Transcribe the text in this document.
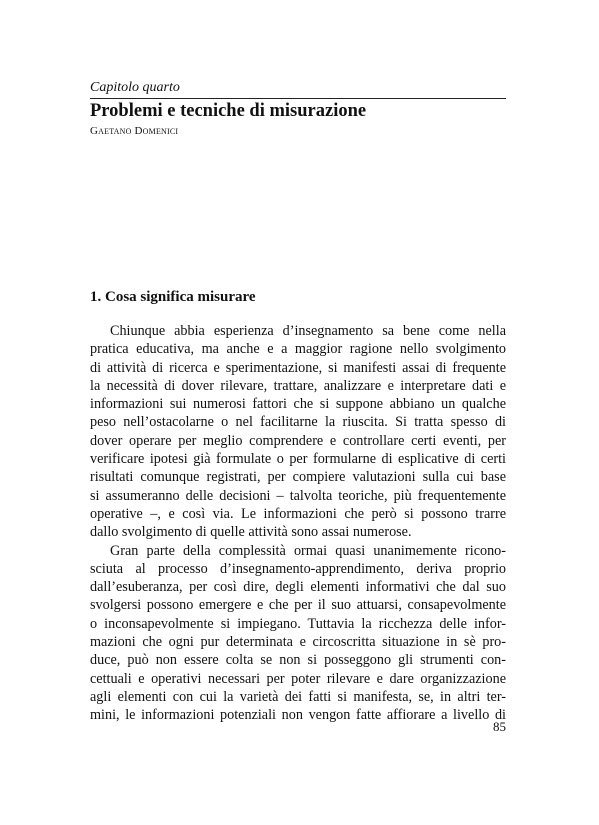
Capitolo quarto
Problemi e tecniche di misurazione
Gaetano Domenici
1. Cosa significa misurare
Chiunque abbia esperienza d’insegnamento sa bene come nella
pratica educativa, ma anche e a maggior ragione nello svolgimento
di attività di ricerca e sperimentazione, si manifesti assai di frequente
la necessità di dover rilevare, trattare, analizzare e interpretare dati e
informazioni sui numerosi fattori che si suppone abbiano un qualche
peso nell’ostacolarne o nel facilitarne la riuscita. Si tratta spesso di
dover operare per meglio comprendere e controllare certi eventi, per
verificare ipotesi già formulate o per formularne di esplicative di certi
risultati comunque registrati, per compiere valutazioni sulla cui base
si assumeranno delle decisioni – talvolta teoriche, più frequentemente
operative –, e così via. Le informazioni che però si possono trarre
dallo svolgimento di quelle attività sono assai numerose.
Gran parte della complessità ormai quasi unanimemente ricono-
sciuta al processo d’insegnamento-apprendimento, deriva proprio
dall’esuberanza, per così dire, degli elementi informativi che dal suo
svolgersi possono emergere e che per il suo attuarsi, consapevolmente
o inconsapevolmente si impiegano. Tuttavia la ricchezza delle infor-
mazioni che ogni pur determinata e circoscritta situazione in sè pro-
duce, può non essere colta se non si posseggono gli strumenti con-
cettuali e operativi necessari per poter rilevare e dare organizzazione
agli elementi con cui la varietà dei fatti si manifesta, se, in altri ter-
mini, le informazioni potenziali non vengon fatte affiorare a livello di
85
